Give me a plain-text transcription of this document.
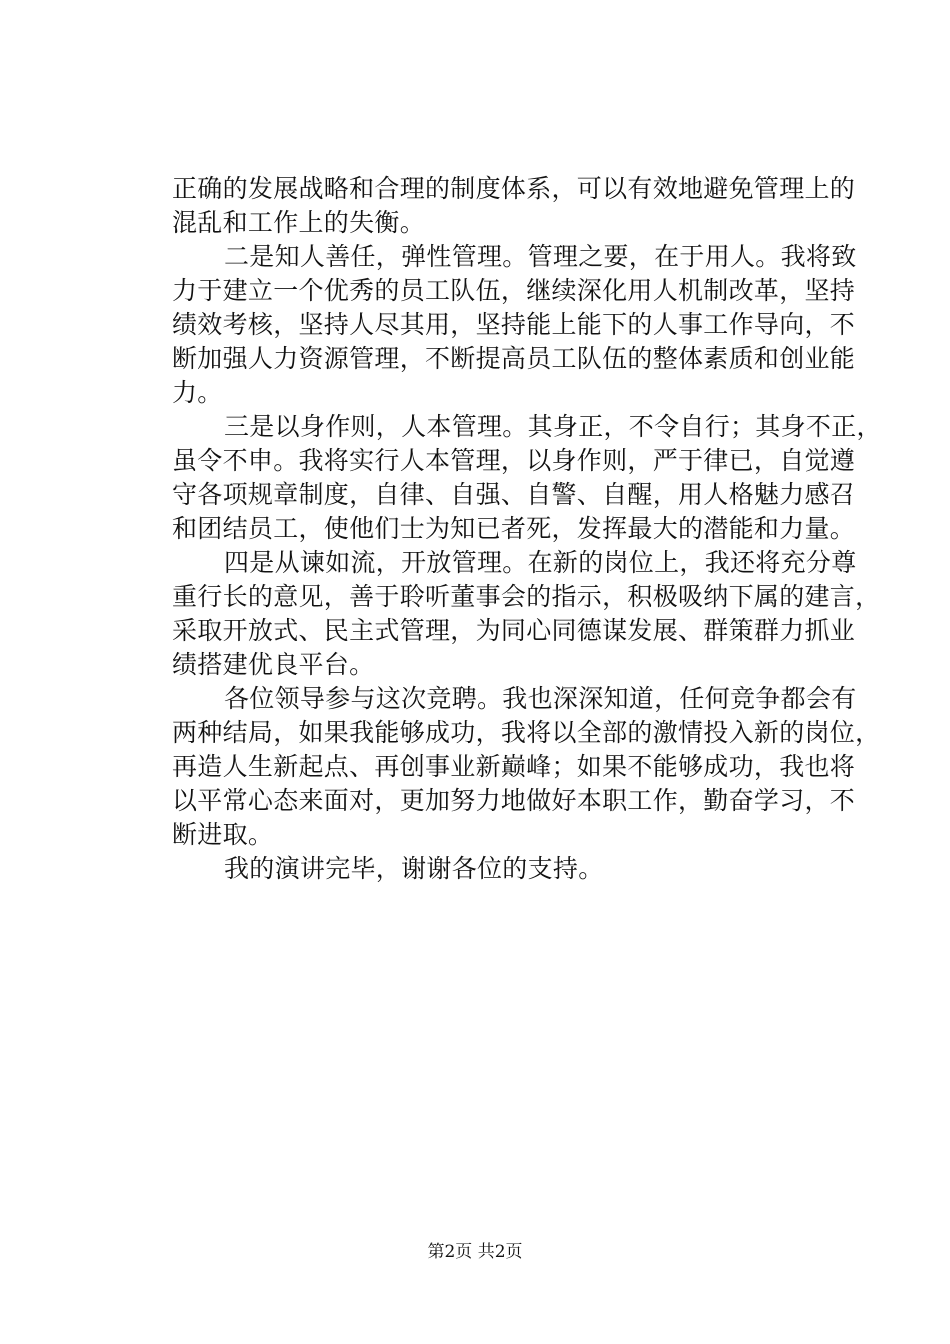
正确的发展战略和合理的制度体系，可以有效地避免管理上的
混乱和工作上的失衡。
二是知人善任，弹性管理。管理之要，在于用人。我将致
力于建立一个优秀的员工队伍，继续深化用人机制改革，坚持
绩效考核，坚持人尽其用，坚持能上能下的人事工作导向，不
断加强人力资源管理，不断提高员工队伍的整体素质和创业能
力。
三是以身作则，人本管理。其身正，不令自行；其身不正，
虽令不申。我将实行人本管理，以身作则，严于律已，自觉遵
守各项规章制度，自律、自强、自警、自醒，用人格魅力感召
和团结员工，使他们士为知已者死，发挥最大的潜能和力量。
四是从谏如流，开放管理。在新的岗位上，我还将充分尊
重行长的意见，善于聆听董事会的指示，积极吸纳下属的建言，
采取开放式、民主式管理，为同心同德谋发展、群策群力抓业
绩搭建优良平台。
各位领导参与这次竞聘。我也深深知道，任何竞争都会有
两种结局，如果我能够成功，我将以全部的激情投入新的岗位，
再造人生新起点、再创事业新巅峰；如果不能够成功，我也将
以平常心态来面对，更加努力地做好本职工作，勤奋学习，不
断进取。
我的演讲完毕，谢谢各位的支持。
第2页 共2页
